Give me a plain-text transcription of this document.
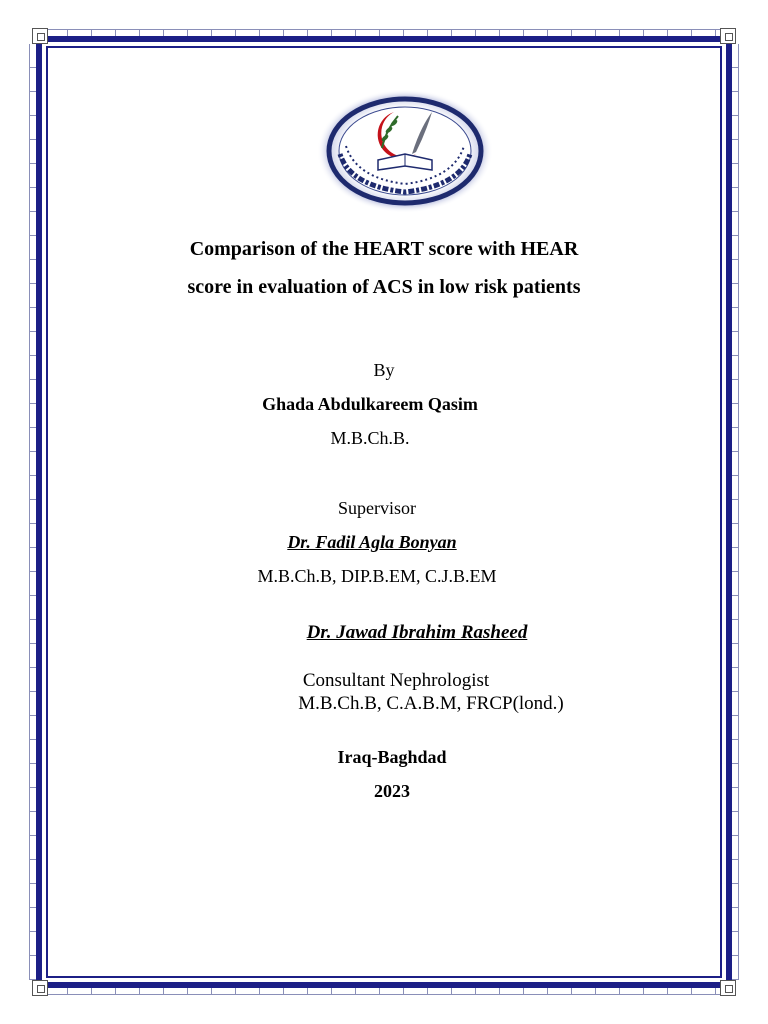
Comparison of the HEART score with HEAR
score in evaluation of ACS in low risk patients
By
Ghada Abdulkareem Qasim
M.B.Ch.B.
Supervisor
Dr. Fadil Agla Bonyan
M.B.Ch.B, DIP.B.EM, C.J.B.EM
Dr. Jawad Ibrahim Rasheed
Consultant Nephrologist
M.B.Ch.B, C.A.B.M, FRCP(lond.)
Iraq-Baghdad
2023
